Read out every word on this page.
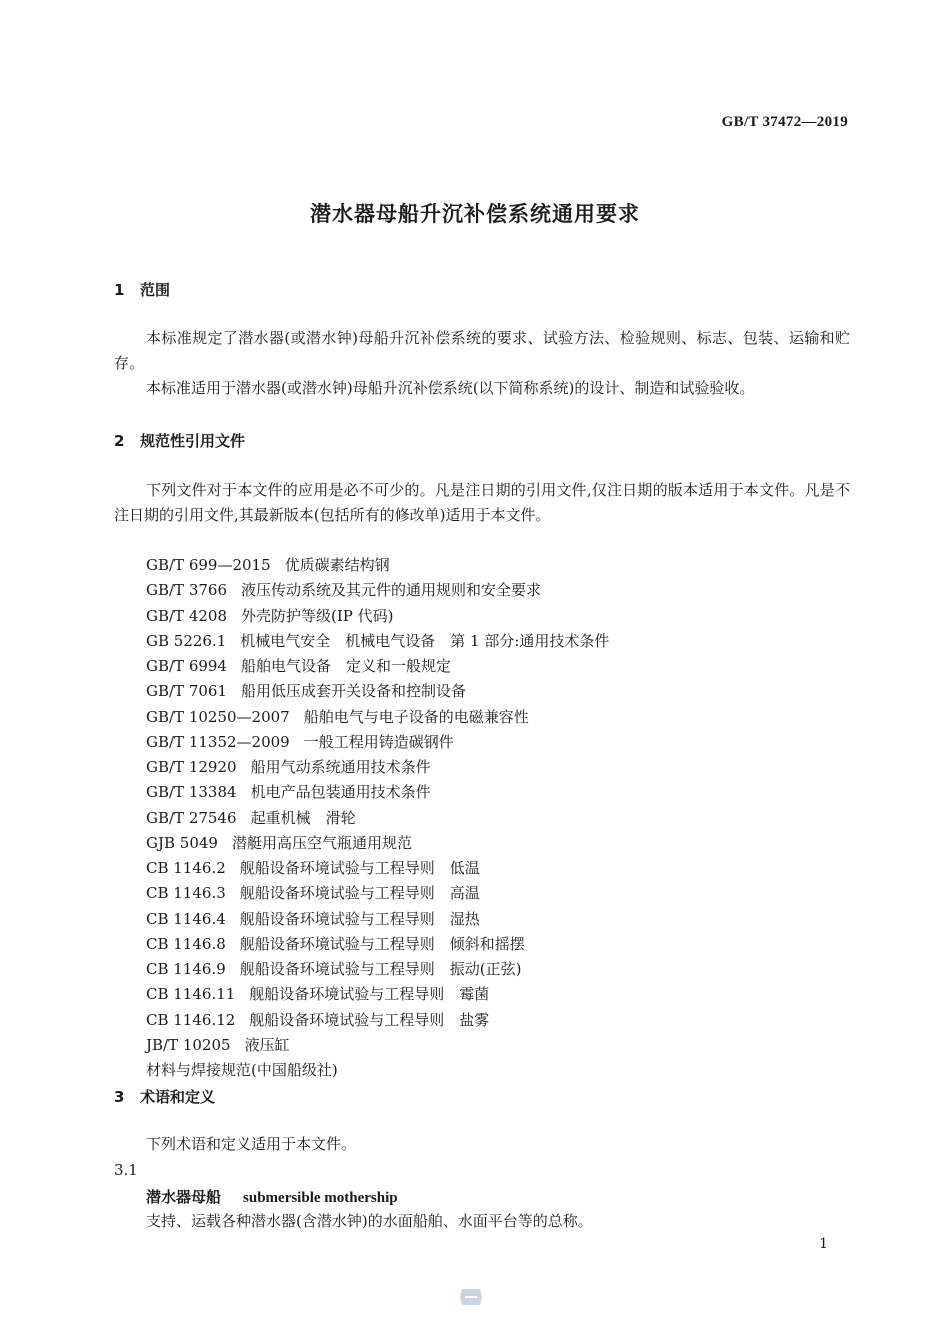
GB/T 37472—2019
潜水器母船升沉补偿系统通用要求
1 范围
本标准规定了潜水器(或潜水钟)母船升沉补偿系统的要求、试验方法、检验规则、标志、包装、运输和贮存。
本标准适用于潜水器(或潜水钟)母船升沉补偿系统(以下简称系统)的设计、制造和试验验收。
2 规范性引用文件
下列文件对于本文件的应用是必不可少的。凡是注日期的引用文件,仅注日期的版本适用于本文件。凡是不注日期的引用文件,其最新版本(包括所有的修改单)适用于本文件。
GB/T 699—2015 优质碳素结构钢
GB/T 3766 液压传动系统及其元件的通用规则和安全要求
GB/T 4208 外壳防护等级(IP 代码)
GB 5226.1 机械电气安全　机械电气设备　第 1 部分:通用技术条件
GB/T 6994 船舶电气设备　定义和一般规定
GB/T 7061 船用低压成套开关设备和控制设备
GB/T 10250—2007 船舶电气与电子设备的电磁兼容性
GB/T 11352—2009 一般工程用铸造碳钢件
GB/T 12920 船用气动系统通用技术条件
GB/T 13384 机电产品包装通用技术条件
GB/T 27546 起重机械　滑轮
GJB 5049 潜艇用高压空气瓶通用规范
CB 1146.2 舰船设备环境试验与工程导则　低温
CB 1146.3 舰船设备环境试验与工程导则　高温
CB 1146.4 舰船设备环境试验与工程导则　湿热
CB 1146.8 舰船设备环境试验与工程导则　倾斜和摇摆
CB 1146.9 舰船设备环境试验与工程导则　振动(正弦)
CB 1146.11 舰船设备环境试验与工程导则　霉菌
CB 1146.12 舰船设备环境试验与工程导则　盐雾
JB/T 10205 液压缸
材料与焊接规范(中国船级社)
3 术语和定义
下列术语和定义适用于本文件。
3.1
潜水器母船 submersible mothership
支持、运载各种潜水器(含潜水钟)的水面船舶、水面平台等的总称。
1
